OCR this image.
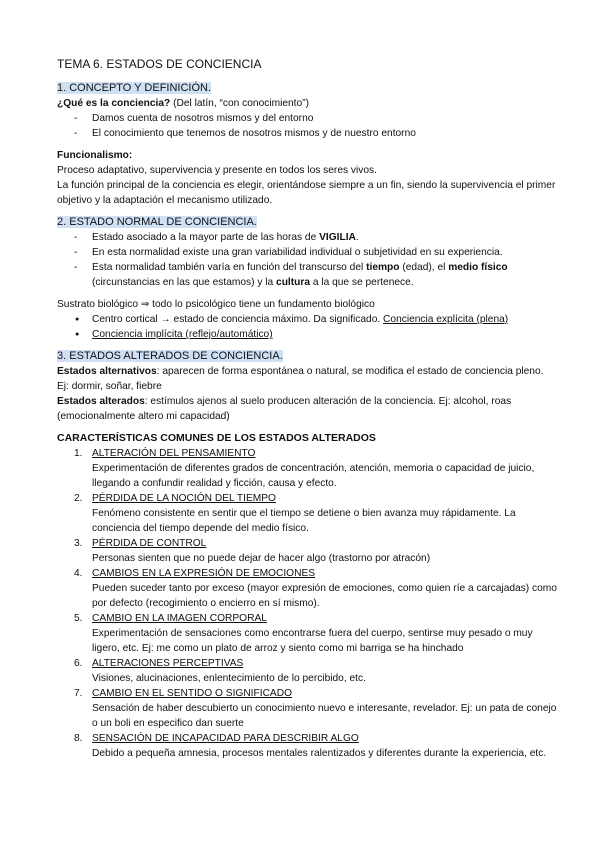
TEMA 6. ESTADOS DE CONCIENCIA
1. CONCEPTO Y DEFINICIÓN.

¿Qué es la conciencia? (Del latín, “con conocimiento”)

- Damos cuenta de nosotros mismos y del entorno
- El conocimiento que tenemos de nosotros mismos y de nuestro entorno

Funcionalismo:

Proceso adaptativo, supervivencia y presente en todos los seres vivos.

La función principal de la conciencia es elegir, orientándose siempre a un fin, siendo la supervivencia el primer objetivo y la adaptación el mecanismo utilizado.

2. ESTADO NORMAL DE CONCIENCIA.
- Estado asociado a la mayor parte de las horas de VIGILIA.
- En esta normalidad existe una gran variabilidad individual o subjetividad en su experiencia.
- Esta normalidad también varía en función del transcurso del tiempo (edad), el medio físico (circunstancias en las que estamos) y la cultura a la que se pertenece.

Sustrato biológico ⇒ todo lo psicológico tiene un fundamento biológico

● Centro cortical → estado de conciencia máximo. Da significado. Conciencia explícita (plena)
● Conciencia implícita (reflejo/automático)
3. ESTADOS ALTERADOS DE CONCIENCIA.

Estados alternativos: aparecen de forma espontánea o natural, se modifica el estado de conciencia pleno. Ej: dormir, soñar, fiebre

Estados alterados: estímulos ajenos al suelo producen alteración de la conciencia. Ej: alcohol, roas (emocionalmente altero mi capacidad)

CARACTERÍSTICAS COMUNES DE LOS ESTADOS ALTERADOS

1. ALTERACIÓN DEL PENSAMIENTO
Experimentación de diferentes grados de concentración, atención, memoria o capacidad de juicio, llegando a confundir realidad y ficción, causa y efecto.
2. PÉRDIDA DE LA NOCIÓN DEL TIEMPO
Fenómeno consistente en sentir que el tiempo se detiene o bien avanza muy rápidamente. La conciencia del tiempo depende del medio físico.
3. PÉRDIDA DE CONTROL
Personas sienten que no puede dejar de hacer algo (trastorno por atracón)
4. CAMBIOS EN LA EXPRESIÓN DE EMOCIONES
Pueden suceder tanto por exceso (mayor expresión de emociones, como quien ríe a carcajadas) como por defecto (recogimiento o encierro en sí mismo).
5. CAMBIO EN LA IMAGEN CORPORAL
Experimentación de sensaciones como encontrarse fuera del cuerpo, sentirse muy pesado o muy ligero, etc. Ej: me como un plato de arroz y siento como mi barriga se ha hinchado
6. ALTERACIONES PERCEPTIVAS
Visiones, alucinaciones, enlentecimiento de lo percibido, etc.
7. CAMBIO EN EL SENTIDO O SIGNIFICADO
Sensación de haber descubierto un conocimiento nuevo e interesante, revelador. Ej: un pata de conejo o un boli en especifico dan suerte
8. SENSACIÓN DE INCAPACIDAD PARA DESCRIBIR ALGO
Debido a pequeña amnesia, procesos mentales ralentizados y diferentes durante la experiencia, etc.
